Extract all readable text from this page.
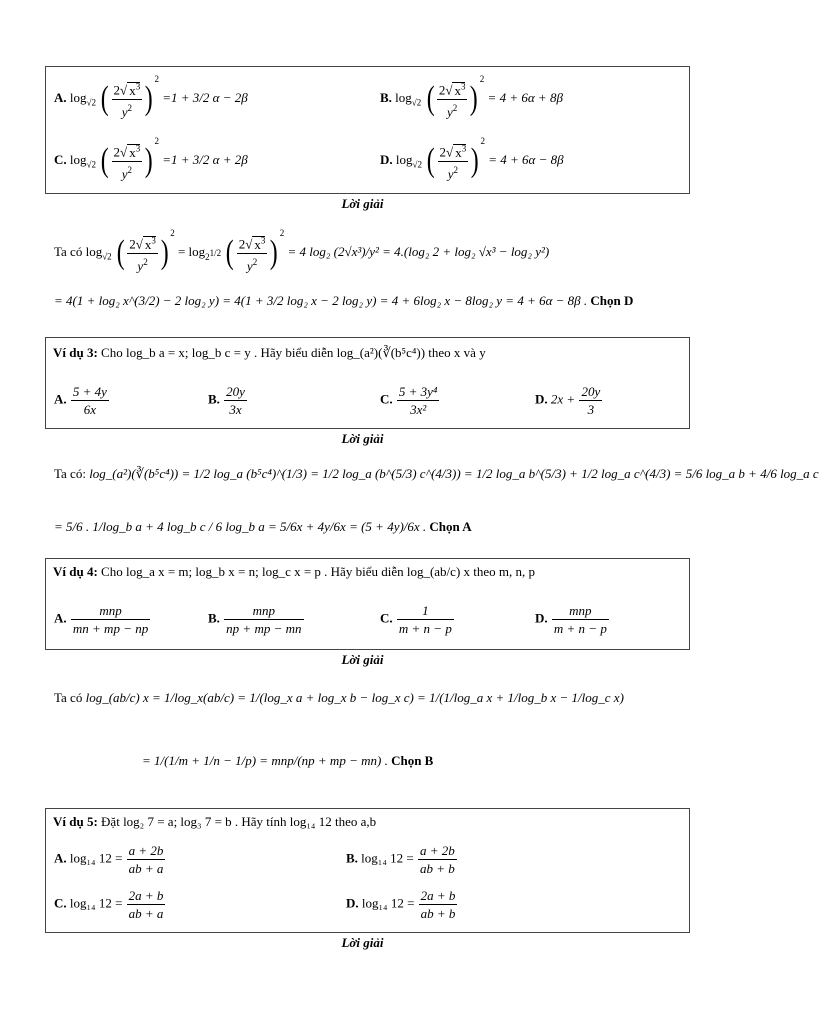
A. $\log_{√2}$ ( $\frac{2√ x^3}{y^2} )^2 =1 + 3/2$ α − 2β	B. $\log_{√2}$ ( $\frac{2√ x^3}{y^2} )^2 = 4 + 6\alpha + 8\beta$
C. $\log_{√2}$ ( $\frac{2√ x^3}{y^2} )^2 =1 + 3/2$ α + 2β	D. $\log_{√2}$ ( $\frac{2√ x^3}{y^2} )^2 = 4 + 6\alpha - 8\beta$
Lời giải
Ta có $\log_{√2}$ ( $\frac{2√ x^3}{y^2} )^2 = \log_{2^{1/2}}$ ( $\frac{2√ x^3}{y^2} )^2 = 4$ log₂ (2√x³)/y² = 4.(log₂ 2 + log₂ √x³ − log₂ y²)
= 4(1 + log₂ x^(3/2) − 2 log₂ y) = 4(1 + 3/2 log₂ x − 2 log₂ y) = 4 + 6log₂ x − 8log₂ y = 4 + 6α − 8β . Chọn D
Ví dụ 3: Cho log_b a = x; log_b c = y . Hãy biểu diễn log_(a²)(∛(b⁵c⁴)) theo x và y
A. $\frac{5 + 4y}{6x}$	B. $\frac{20y}{3x}$	C. $\frac{\text{5 + 3y⁴}}{\text{3x²}}$	D. $2x + \frac{20y}{3}$
Lời giải
Ta có: log_(a²)(∛(b⁵c⁴)) = 1/2 log_a (b⁵c⁴)^(1/3) = 1/2 log_a (b^(5/3) c^(4/3)) = 1/2 log_a b^(5/3) + 1/2 log_a c^(4/3) = 5/6 log_a b + 4/6 log_a c
= 5/6 . 1/log_b a + 4 log_b c / 6 log_b a = 5/6x + 4y/6x = (5 + 4y)/6x . Chọn A
Ví dụ 4: Cho log_a x = m; log_b x = n; log_c x = p . Hãy biểu diễn log_(ab/c) x theo m, n, p
A. $\frac{\text{mnp}}{mn + mp - np}$	B. $\frac{\text{mnp}}{np + mp - mn}$	C. $\frac{1}{m + n - p}$	D. $\frac{\text{mnp}}{m + n - p}$
Lời giải
Ta có log_(ab/c) x = 1/log_x(ab/c) = 1/(log_x a + log_x b − log_x c) = 1/(1/log_a x + 1/log_b x − 1/log_c x)
= 1/(1/m + 1/n − 1/p) = mnp/(np + mp − mn) . Chọn B
Ví dụ 5: Đặt log₂ 7 = a; log₃ 7 = b . Hãy tính log₁₄ 12 theo a,b
A. log₁₄ $12 = \frac{a + 2b}{ab + a}$	B. log₁₄ $12 = \frac{a + 2b}{ab + b}$
C. log₁₄ $12 = \frac{2a + b}{ab + a}$	D. log₁₄ $12 = \frac{2a + b}{ab + b}$
Lời giải
